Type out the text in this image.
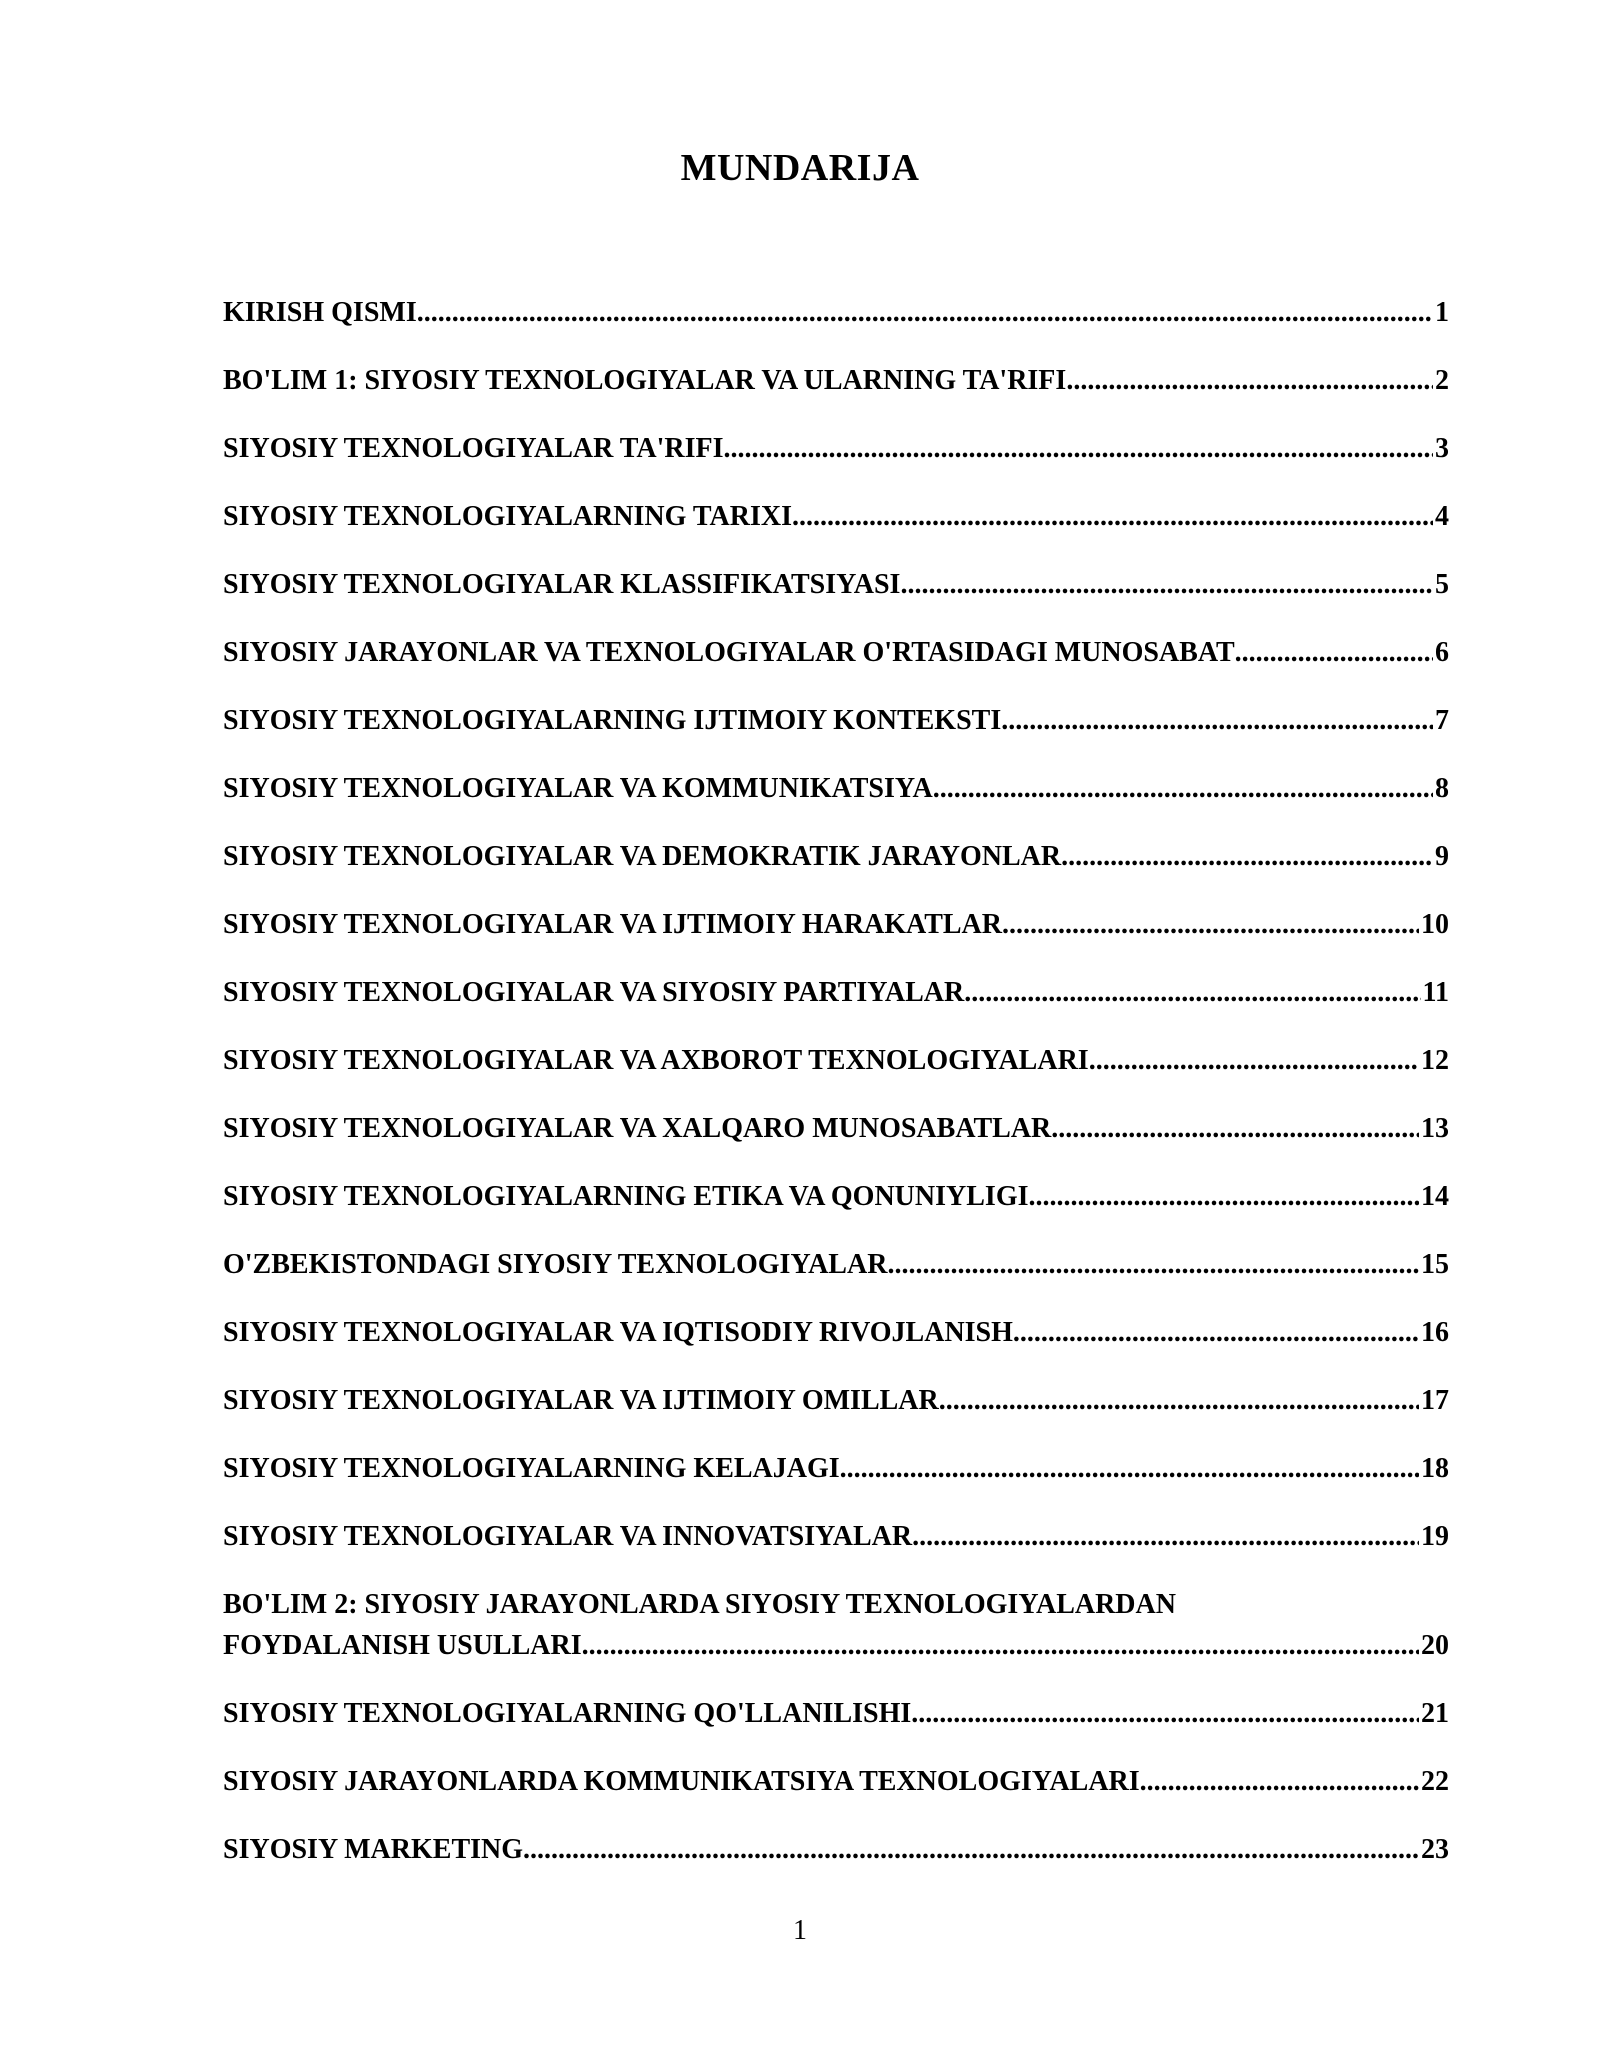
MUNDARIJA
KIRISH QISMI .....	1
BO'LIM 1: SIYOSIY TEXNOLOGIYALAR VA ULARNING TA'RIFI .....	2
SIYOSIY TEXNOLOGIYALAR TA'RIFI .....	3
SIYOSIY TEXNOLOGIYALARNING TARIXI .....	4
SIYOSIY TEXNOLOGIYALAR KLASSIFIKATSIYASI .....	5
SIYOSIY JARAYONLAR VA TEXNOLOGIYALAR O'RTASIDAGI MUNOSABAT .....	6
SIYOSIY TEXNOLOGIYALARNING IJTIMOIY KONTEKSTI .....	7
SIYOSIY TEXNOLOGIYALAR VA KOMMUNIKATSIYA .....	8
SIYOSIY TEXNOLOGIYALAR VA DEMOKRATIK JARAYONLAR .....	9
SIYOSIY TEXNOLOGIYALAR VA IJTIMOIY HARAKATLAR .....	10
SIYOSIY TEXNOLOGIYALAR VA SIYOSIY PARTIYALAR .....	11
SIYOSIY TEXNOLOGIYALAR VA AXBOROT TEXNOLOGIYALARI .....	12
SIYOSIY TEXNOLOGIYALAR VA XALQARO MUNOSABATLAR .....	13
SIYOSIY TEXNOLOGIYALARNING ETIKA VA QONUNIYLIGI .....	14
O'ZBEKISTONDAGI SIYOSIY TEXNOLOGIYALAR .....	15
SIYOSIY TEXNOLOGIYALAR VA IQTISODIY RIVOJLANISH .....	16
SIYOSIY TEXNOLOGIYALAR VA IJTIMOIY OMILLAR .....	17
SIYOSIY TEXNOLOGIYALARNING KELAJAGI .....	18
SIYOSIY TEXNOLOGIYALAR VA INNOVATSIYALAR .....	19
BO'LIM 2: SIYOSIY JARAYONLARDA SIYOSIY TEXNOLOGIYALARDAN
FOYDALANISH USULLARI .....	20
SIYOSIY TEXNOLOGIYALARNING QO'LLANILISHI .....	21
SIYOSIY JARAYONLARDA KOMMUNIKATSIYA TEXNOLOGIYALARI .....	22
SIYOSIY MARKETING .....	23
1
